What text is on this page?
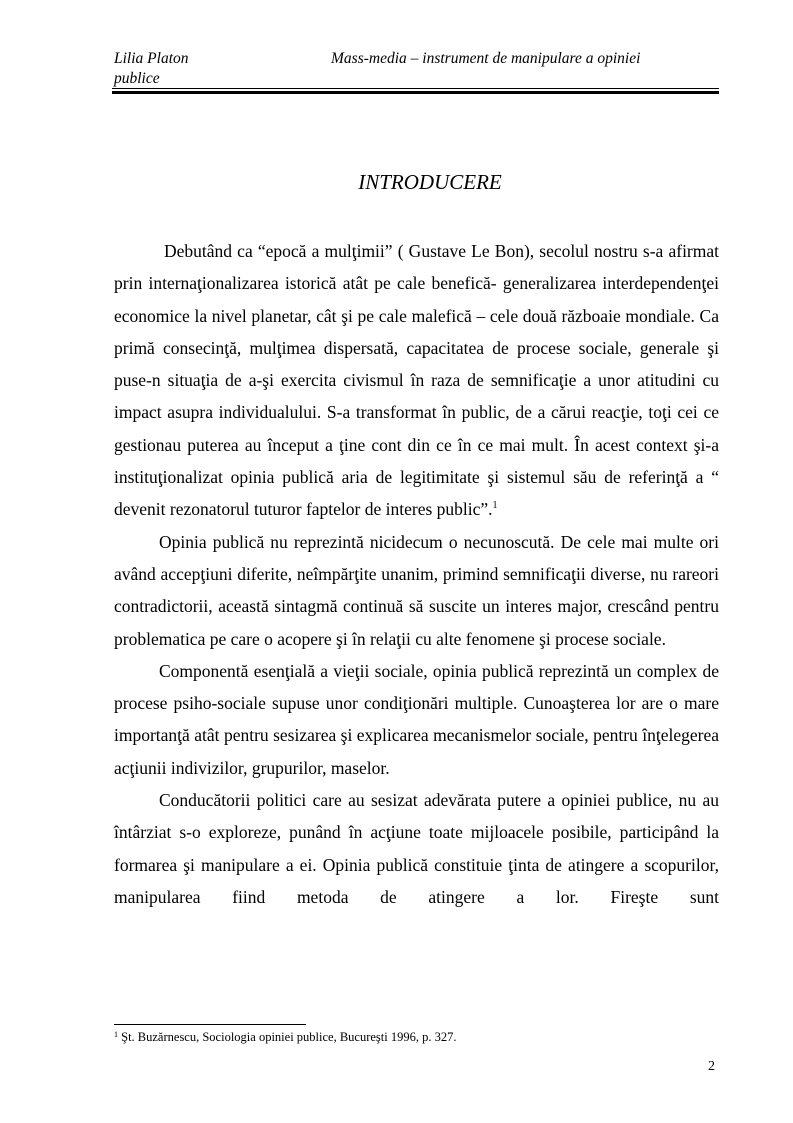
Lilia Platon	Mass-media – instrument de manipulare a opiniei
publice
INTRODUCERE

Debutând ca “epocă a mulţimii” ( Gustave Le Bon), secolul nostru s-a afirmat prin internaţionalizarea istorică atât pe cale benefică- generalizarea interdependenţei economice la nivel planetar, cât şi pe cale malefică – cele două războaie mondiale. Ca primă consecinţă, mulţimea dispersată, capacitatea de procese sociale, generale şi puse-n situaţia de a-şi exercita civismul în raza de semnificaţie a unor atitudini cu impact asupra individualului. S-a transformat în public, de a cărui reacţie, toţi cei ce gestionau puterea au început a ţine cont din ce în ce mai mult. În acest context şi-a instituţionalizat opinia publică aria de legitimitate şi sistemul său de referinţă a “ devenit rezonatorul tuturor faptelor de interes public”.$^1$

Opinia publică nu reprezintă nicidecum o necunoscută. De cele mai multe ori având accepţiuni diferite, neîmpărţite unanim, primind semnificaţii diverse, nu rareori contradictorii, această sintagmă continuă să suscite un interes major, crescând pentru problematica pe care o acopere şi în relaţii cu alte fenomene şi procese sociale.

Componentă esenţială a vieţii sociale, opinia publică reprezintă un complex de procese psiho-sociale supuse unor condiţionări multiple. Cunoaşterea lor are o mare importanţă atât pentru sesizarea şi explicarea mecanismelor sociale, pentru înţelegerea acţiunii indivizilor, grupurilor, maselor.

Conducătorii politici care au sesizat adevărata putere a opiniei publice, nu au întârziat s-o exploreze, punând în acţiune toate mijloacele posibile, participând la formarea şi manipulare a ei. Opinia publică constituie ţinta de atingere a scopurilor, manipularea fiind metoda de atingere a lor. Fireşte sunt

$^1$ Şt. Buzărnescu, Sociologia opiniei publice, Bucureşti 1996, p. 327.
2
